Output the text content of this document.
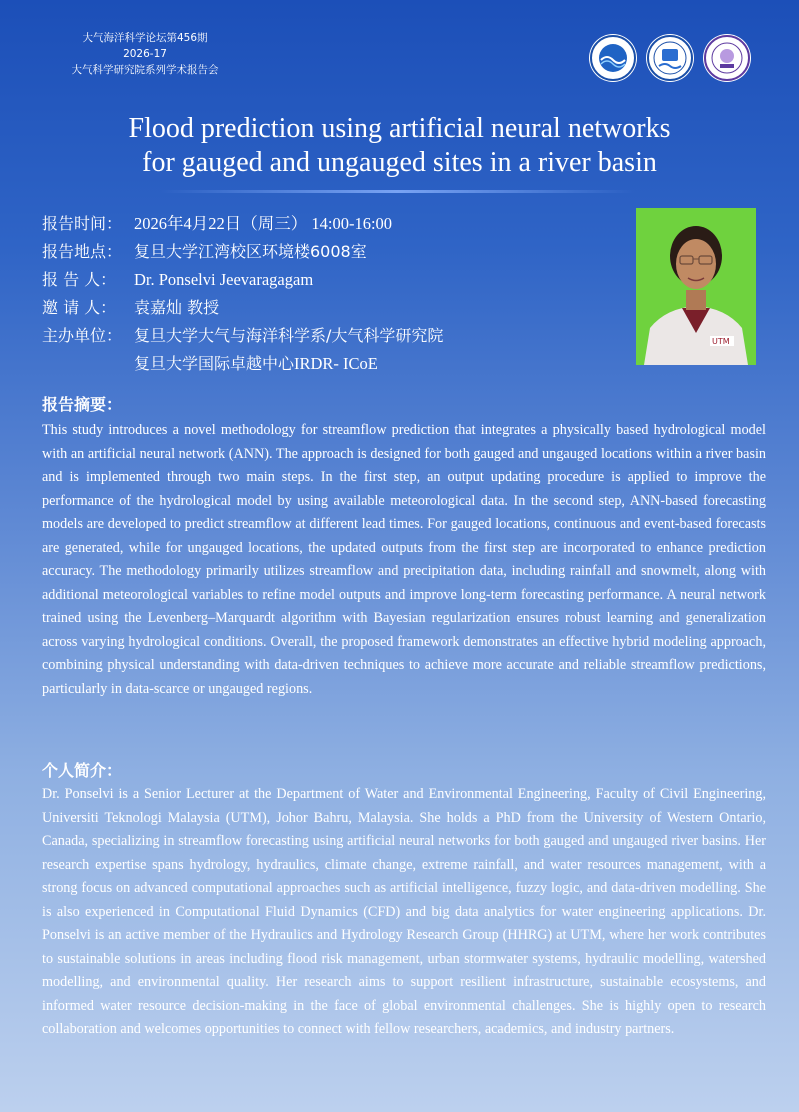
大气海洋科学论坛第456期
2026-17
大气科学研究院系列学术报告会
Flood prediction using artificial neural networks
for gauged and ungauged sites in a river basin
报告时间： 2026年4月22日（周三） 14:00-16:00
报告地点： 复旦大学江湾校区环境楼6008室
报 告 人：	Dr. Ponselvi Jeevaragagam
邀 请 人：	袁嘉灿 教授
主办单位： 复旦大学大气与海洋科学系/大气科学研究院
复旦大学国际卓越中心IRDR- ICoE
UTM
报告摘要：
This study introduces a novel methodology for streamflow prediction that integrates a physically based hydrological model with an artificial neural network (ANN). The approach is designed for both gauged and ungauged locations within a river basin and is implemented through two main steps. In the first step, an output updating procedure is applied to improve the performance of the hydrological model by using available meteorological data. In the second step, ANN-based forecasting models are developed to predict streamflow at different lead times. For gauged locations, continuous and event-based forecasts are generated, while for ungauged locations, the updated outputs from the first step are incorporated to enhance prediction accuracy. The methodology primarily utilizes streamflow and precipitation data, including rainfall and snowmelt, along with additional meteorological variables to refine model outputs and improve long-term forecasting performance. A neural network trained using the Levenberg–Marquardt algorithm with Bayesian regularization ensures robust learning and generalization across varying hydrological conditions. Overall, the proposed framework demonstrates an effective hybrid modeling approach, combining physical understanding with data-driven techniques to achieve more accurate and reliable streamflow predictions, particularly in data-scarce or ungauged regions.
个人简介：
Dr. Ponselvi is a Senior Lecturer at the Department of Water and Environmental Engineering, Faculty of Civil Engineering, Universiti Teknologi Malaysia (UTM), Johor Bahru, Malaysia. She holds a PhD from the University of Western Ontario, Canada, specializing in streamflow forecasting using artificial neural networks for both gauged and ungauged river basins. Her research expertise spans hydrology, hydraulics, climate change, extreme rainfall, and water resources management, with a strong focus on advanced computational approaches such as artificial intelligence, fuzzy logic, and data-driven modelling. She is also experienced in Computational Fluid Dynamics (CFD) and big data analytics for water engineering applications. Dr. Ponselvi is an active member of the Hydraulics and Hydrology Research Group (HHRG) at UTM, where her work contributes to sustainable solutions in areas including flood risk management, urban stormwater systems, hydraulic modelling, watershed modelling, and environmental quality. Her research aims to support resilient infrastructure, sustainable ecosystems, and informed water resource decision-making in the face of global environmental challenges. She is highly open to research collaboration and welcomes opportunities to connect with fellow researchers, academics, and industry partners.
